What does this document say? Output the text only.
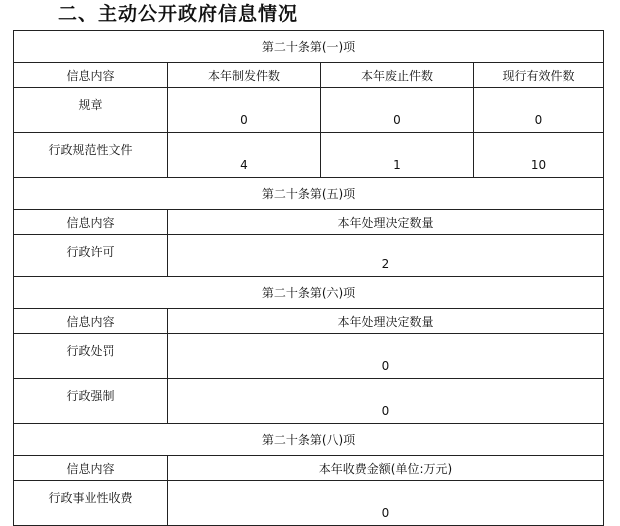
二、主动公开政府信息情况
第二十条第(一)项			
信息内容	本年制发件数	本年废止件数	现行有效件数
规章	0	0	0
行政规范性文件	4	1	10
第二十条第(五)项			
信息内容	本年处理决定数量		
行政许可	2		
第二十条第(六)项			
信息内容	本年处理决定数量		
行政处罚	0		
行政强制	0		
第二十条第(八)项			
信息内容	本年收费金额(单位:万元)		
行政事业性收费	0		
